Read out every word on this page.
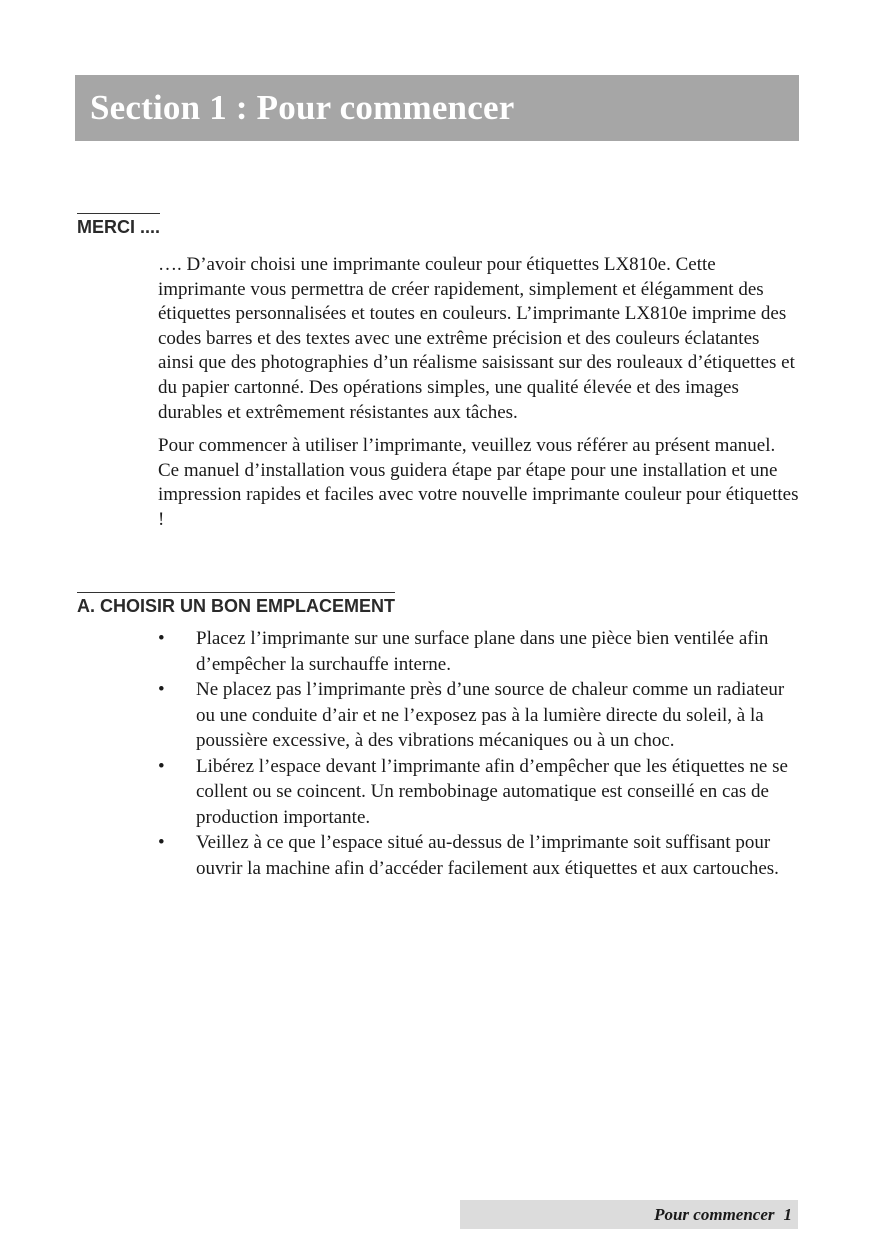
Section 1 : Pour commencer
MERCI ....

…. D’avoir choisi une imprimante couleur pour étiquettes LX810e. Cette imprimante vous permettra de créer rapidement, simplement et élégamment des étiquettes personnalisées et toutes en couleurs. L’imprimante LX810e imprime des codes barres et des textes avec une extrême précision et des couleurs éclatantes ainsi que des photographies d’un réalisme saisissant sur des rouleaux d’étiquettes et du papier cartonné. Des opérations simples, une qualité élevée et des images durables et extrêmement résistantes aux tâches.

Pour commencer à utiliser l’imprimante, veuillez vous référer au présent manuel. Ce manuel d’installation vous guidera étape par étape pour une installation et une impression rapides et faciles avec votre nouvelle imprimante couleur pour étiquettes !

A. CHOISIR UN BON EMPLACEMENT
• Placez l’imprimante sur une surface plane dans une pièce bien ventilée afin d’empêcher la surchauffe interne.
• Ne placez pas l’imprimante près d’une source de chaleur comme un radiateur ou une conduite d’air et ne l’exposez pas à la lumière directe du soleil, à la poussière excessive, à des vibrations mécaniques ou à un choc.
• Libérez l’espace devant l’imprimante afin d’empêcher que les étiquettes ne se collent ou se coincent. Un rembobinage automatique est conseillé en cas de production importante.
• Veillez à ce que l’espace situé au-dessus de l’imprimante soit suffisant pour ouvrir la machine afin d’accéder facilement aux étiquettes et aux cartouches.
Pour commencer 1
